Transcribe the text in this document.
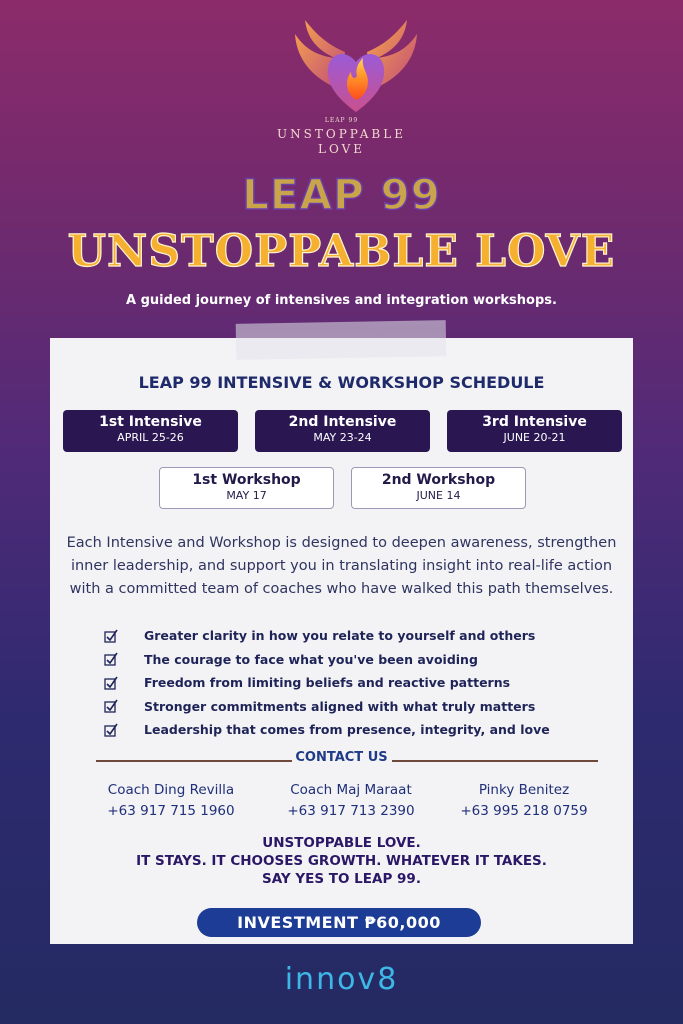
LEAP 99
UNSTOPPABLE
LOVE
LEAP 99
UNSTOPPABLE LOVE
A guided journey of intensives and integration workshops.
LEAP 99 INTENSIVE & WORKSHOP SCHEDULE
1st Intensive
APRIL 25-26
2nd Intensive
MAY 23-24
3rd Intensive
JUNE 20-21
1st Workshop
MAY 17
2nd Workshop
JUNE 14
Each Intensive and Workshop is designed to deepen awareness, strengthen inner leadership, and support you in translating insight into real-life action with a committed team of coaches who have walked this path themselves.
Greater clarity in how you relate to yourself and others
The courage to face what you've been avoiding
Freedom from limiting beliefs and reactive patterns
Stronger commitments aligned with what truly matters
Leadership that comes from presence, integrity, and love
CONTACT US
Coach Ding Revilla
+63 917 715 1960
Coach Maj Maraat
+63 917 713 2390
Pinky Benitez
+63 995 218 0759
UNSTOPPABLE LOVE.
IT STAYS. IT CHOOSES GROWTH. WHATEVER IT TAKES.
SAY YES TO LEAP 99.
INVESTMENT ₱60,000
innov8
